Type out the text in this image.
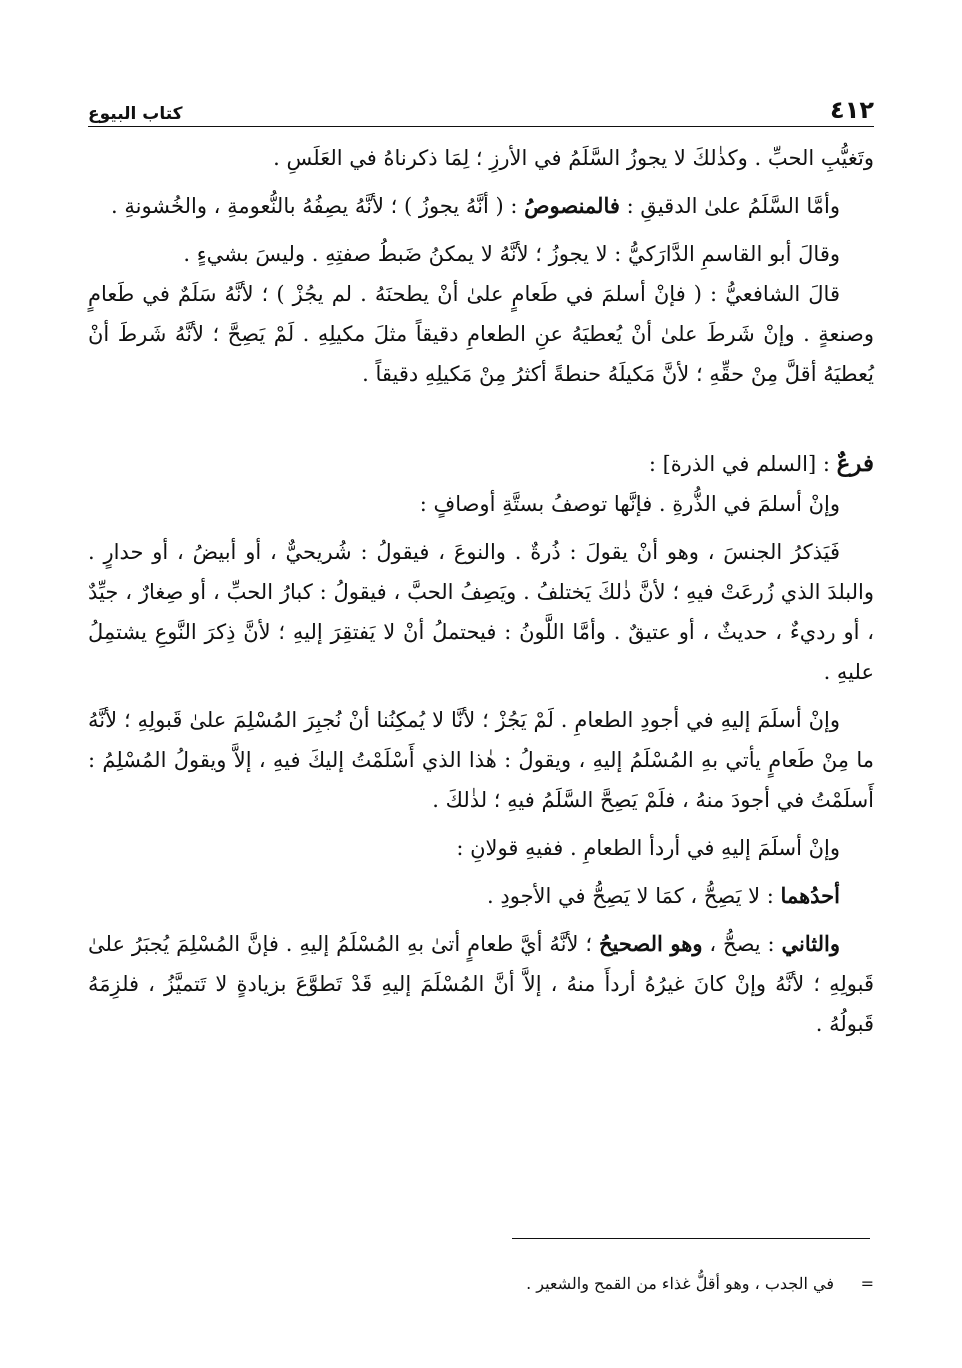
٤١٢
كتاب البيوع

وتَغيُّبِ الحبِّ . وكذٰلكَ لا يجوزُ السَّلَمُ في الأرزِ ؛ لِمَا ذكرناهُ في العَلَسِ .

وأمَّا السَّلَمُ علىٰ الدقيقِ : فالمنصوصُ : ( أنَّهُ يجوزُ ) ؛ لأنَّهُ يصِفُهُ بالنُّعومةِ ، والخُشونةِ .

وقالَ أبو القاسمِ الدَّارَكيُّ : لا يجوزُ ؛ لأنَّهُ لا يمكنُ ضَبطُ صفتِهِ . وليسَ بشيءٍ .

قالَ الشافعيُّ : ( فإنْ أسلمَ في طَعامٍ علىٰ أنْ يطحنَهُ . لم يجُزْ ) ؛ لأنَّهُ سَلَمٌ في طَعامٍ وصنعةٍ . وإنْ شَرطَ علىٰ أنْ يُعطيَهُ عنِ الطعامِ دقيقاً مثلَ مكيلِهِ . لَمْ يَصِحَّ ؛ لأنَّهُ شَرطَ أنْ يُعطيَهُ أقلَّ مِنْ حقِّهِ ؛ لأنَّ مَكيلَهُ حنطةً أكثرُ مِنْ مَكيلِهِ دقيقاً .

فرعٌ : [السلم في الذرة] :

وإنْ أسلمَ في الذُّرةِ . فإنَّها توصفُ بستَّةِ أوصافٍ :

فَيَذكرُ الجنسَ ، وهو أنْ يقولَ : ذُرةٌ . والنوعَ ، فيقولُ : شُريحيٌّ ، أو أبيضُ ، أو حدارٍ . والبلدَ الذي زُرعَتْ فيهِ ؛ لأنَّ ذٰلكَ يَختلفُ . ويَصِفُ الحبَّ ، فيقولُ : كبارُ الحبِّ ، أو صِغارٌ ، جيِّدٌ ، أو رديءٌ ، حديثٌ ، أو عتيقٌ . وأمَّا اللَّونُ : فيحتملُ أنْ لا يَفتقِرَ إليهِ ؛ لأنَّ ذِكرَ النَّوعِ يشتمِلُ عليهِ .

وإنْ أسلَمَ إليهِ في أجودِ الطعامِ . لَمْ يَجُزْ ؛ لأنَّا لا يُمكِنُنا أنْ نُجبِرَ المُسْلِمَ علىٰ قَبولِهِ ؛ لأنَّهُ ما مِنْ طَعامٍ يأتي بهِ المُسْلَمُ إليهِ ، ويقولُ : هٰذا الذي أَسْلَمْتُ إليكَ فيهِ ، إلاَّ ويقولُ المُسْلِمُ : أَسلَمْتُ في أجودَ منهُ ، فلَمْ يَصِحَّ السَّلَمُ فيهِ ؛ لذٰلكَ .

وإنْ أسلَمَ إليهِ في أردأ الطعامِ . ففيهِ قولانِ :

أحدُهما : لا يَصِحُّ ، كمَا لا يَصِحُّ في الأجودِ .

والثاني : يصحُّ ، وهو الصحيحُ ؛ لأنَّهُ أيَّ طعامٍ أتىٰ بهِ المُسْلَمُ إليهِ . فإنَّ المُسْلِمَ يُجبَرُ علىٰ قَبولِهِ ؛ لأنَّهُ وإنْ كانَ غيرُهُ أردأَ منهُ ، إلاَّ أنَّ المُسْلَمَ إليهِ قَدْ تَطوَّعَ بزيادةٍ لا تَتميَّزُ ، فلزِمَهُ قَبولُهُ .

=في الجدب ، وهو أقلُّ غذاء من القمح والشعير .
